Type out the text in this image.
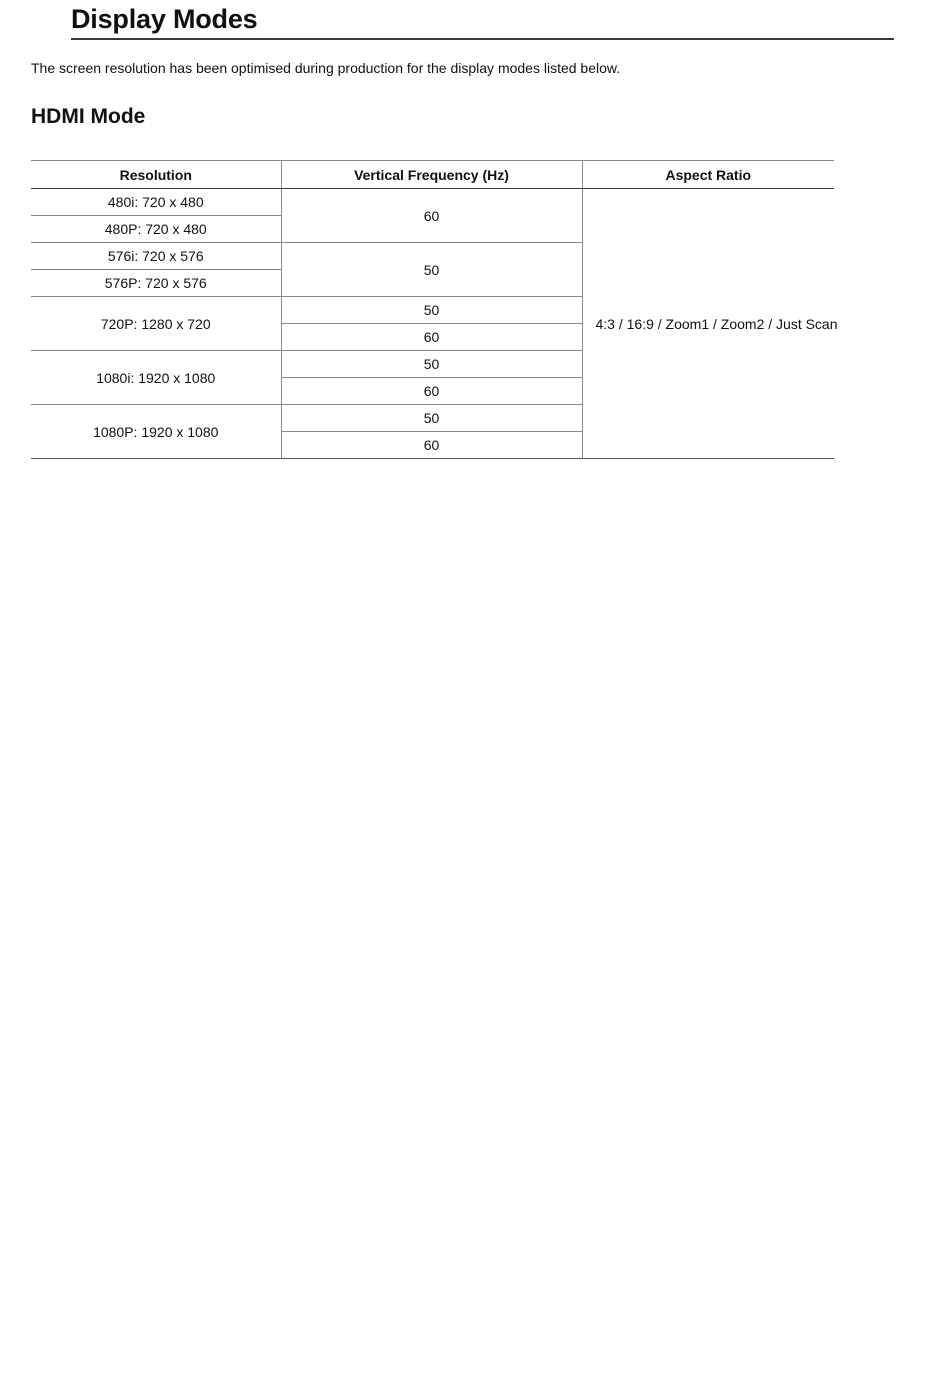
Display Modes

The screen resolution has been optimised during production for the display modes listed below.

HDMI Mode
Resolution	Vertical Frequency (Hz)	Aspect Ratio
480i: 720 x 480	60	4:3 / 16:9 / Zoom1 / Zoom2 / Just Scan
480P: 720 x 480		
576i: 720 x 576	50	
576P: 720 x 576		
720P: 1280 x 720	50	
	60	
1080i: 1920 x 1080	50	
	60	
1080P: 1920 x 1080	50	
	60	
